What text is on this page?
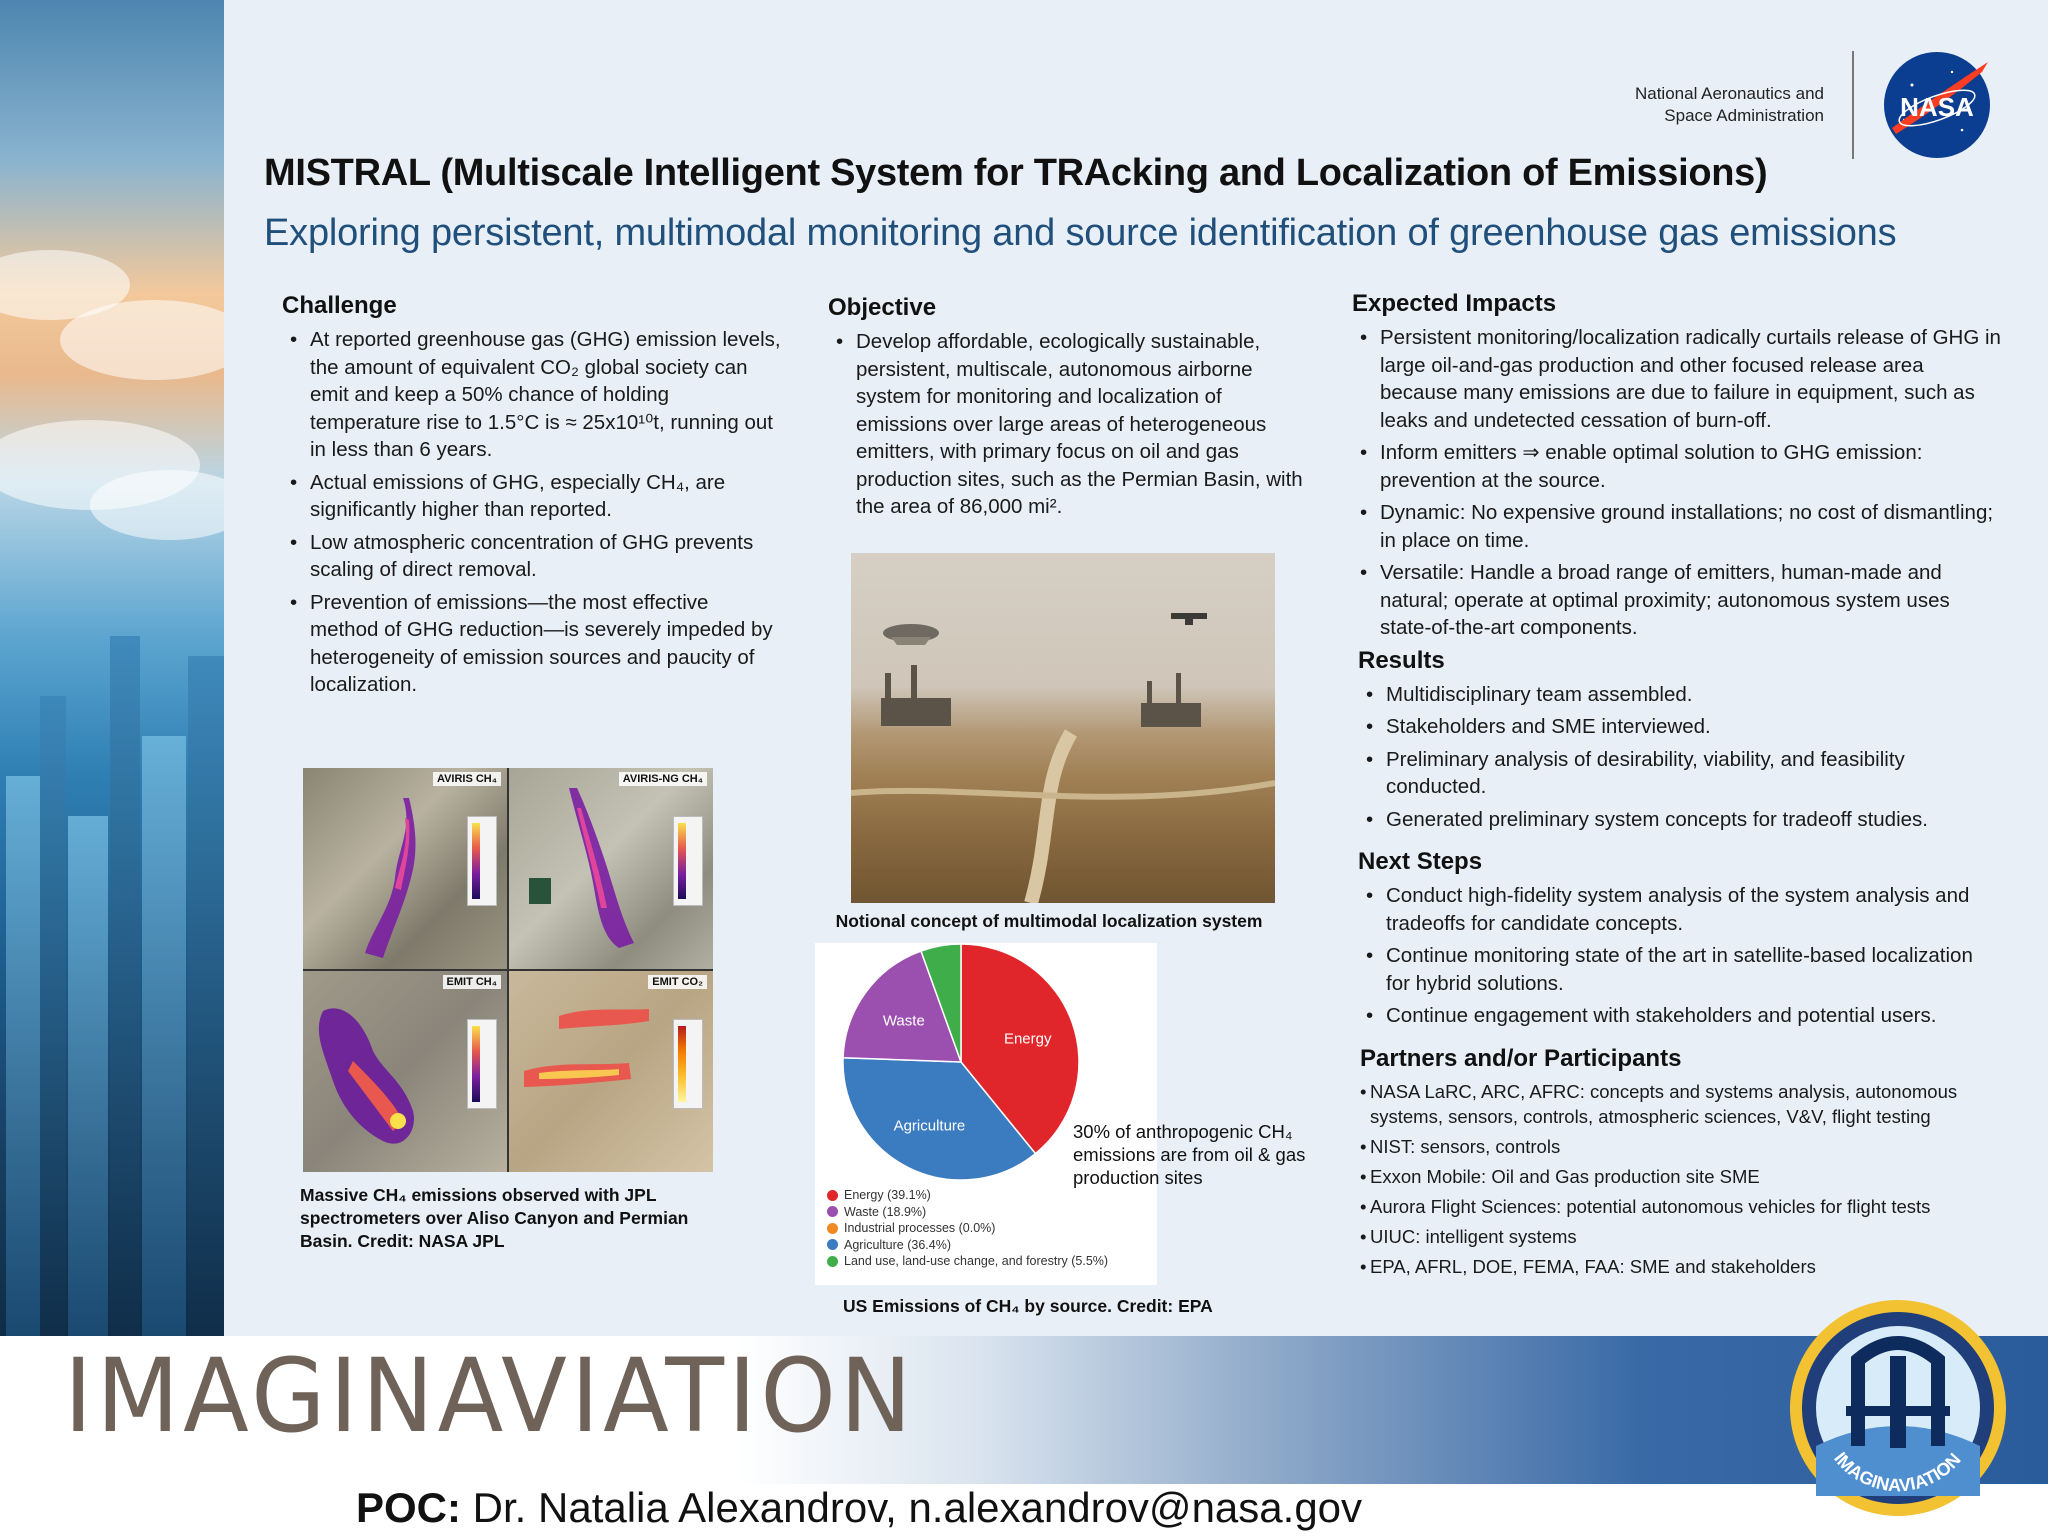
National Aeronautics and Space Administration	NASA
MISTRAL (Multiscale Intelligent System for TRAcking and Localization of Emissions)
Exploring persistent, multimodal monitoring and source identification of greenhouse gas emissions
Challenge
• At reported greenhouse gas (GHG) emission levels, the amount of equivalent CO₂ global society can emit and keep a 50% chance of holding temperature rise to 1.5°C is ≈ 25x10¹⁰t, running out in less than 6 years.
• Actual emissions of GHG, especially CH₄, are significantly higher than reported.
• Low atmospheric concentration of GHG prevents scaling of direct removal.
• Prevention of emissions—the most effective method of GHG reduction—is severely impeded by heterogeneity of emission sources and paucity of localization.
AVIRIS CH₄	AVIRIS-NG CH₄
EMIT CH₄	EMIT CO₂
Massive CH₄ emissions observed with JPL spectrometers over Aliso Canyon and Permian Basin. Credit: NASA JPL
Objective
• Develop affordable, ecologically sustainable, persistent, multiscale, autonomous airborne system for monitoring and localization of emissions over large areas of heterogeneous emitters, with primary focus on oil and gas production sites, such as the Permian Basin, with the area of 86,000 mi².
Notional concept of multimodal localization system
Energy
Agriculture
Waste
Energy (39.1%)
Waste (18.9%)
Industrial processes (0.0%)
Agriculture (36.4%)
Land use, land-use change, and forestry (5.5%)
30% of anthropogenic CH₄ emissions are from oil & gas production sites
US Emissions of CH₄ by source. Credit: EPA
Expected Impacts
• Persistent monitoring/localization radically curtails release of GHG in large oil-and-gas production and other focused release area because many emissions are due to failure in equipment, such as leaks and undetected cessation of burn-off.
• Inform emitters ⇒ enable optimal solution to GHG emission: prevention at the source.
• Dynamic: No expensive ground installations; no cost of dismantling; in place on time.
• Versatile: Handle a broad range of emitters, human-made and natural; operate at optimal proximity; autonomous system uses state-of-the-art components.
Results
• Multidisciplinary team assembled.
• Stakeholders and SME interviewed.
• Preliminary analysis of desirability, viability, and feasibility conducted.
• Generated preliminary system concepts for tradeoff studies.
Next Steps
• Conduct high-fidelity system analysis of the system analysis and tradeoffs for candidate concepts.
• Continue monitoring state of the art in satellite-based localization for hybrid solutions.
• Continue engagement with stakeholders and potential users.
Partners and/or Participants
• NASA LaRC, ARC, AFRC: concepts and systems analysis, autonomous systems, sensors, controls, atmospheric sciences, V&V, flight testing
• NIST: sensors, controls
• Exxon Mobile: Oil and Gas production site SME
• Aurora Flight Sciences: potential autonomous vehicles for flight tests
• UIUC: intelligent systems
• EPA, AFRL, DOE, FEMA, FAA: SME and stakeholders
IMAGINAVIATION
POC: Dr. Natalia Alexandrov, n.alexandrov@nasa.gov
IMAGINAVIATION
